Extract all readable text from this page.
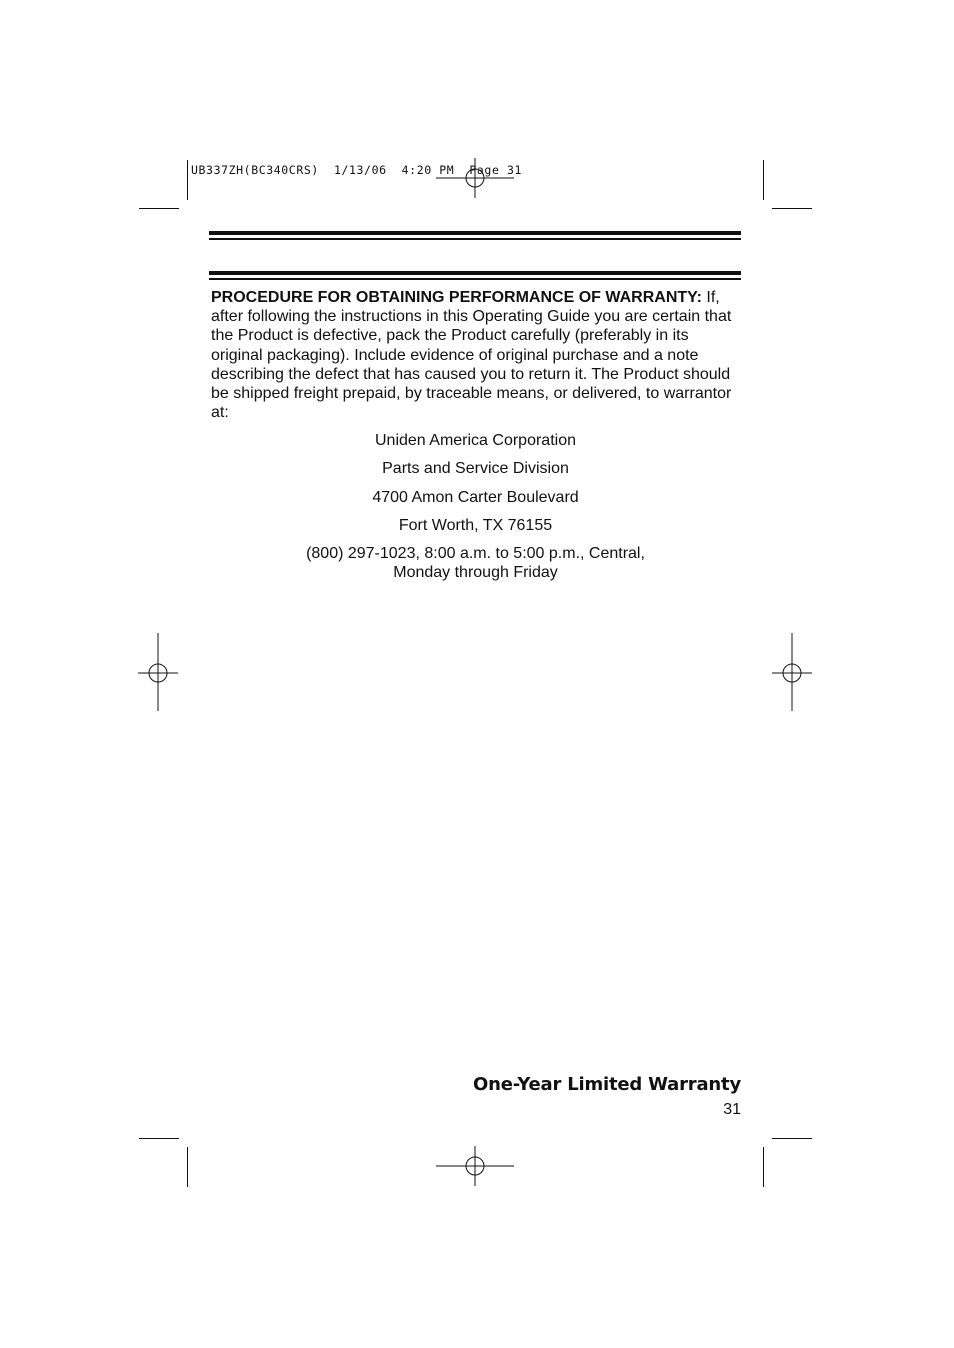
UB337ZH(BC340CRS)  1/13/06  4:20 PM  Page 31
PROCEDURE FOR OBTAINING PERFORMANCE OF WARRANTY: If,
after following the instructions in this Operating Guide you are certain that
the Product is defective, pack the Product carefully (preferably in its
original packaging). Include evidence of original purchase and a note
describing the defect that has caused you to return it. The Product should
be shipped freight prepaid, by traceable means, or delivered, to warrantor
at:
Uniden America Corporation
Parts and Service Division
4700 Amon Carter Boulevard
Fort Worth, TX 76155
(800) 297-1023, 8:00 a.m. to 5:00 p.m., Central,
Monday through Friday
One-Year Limited Warranty
31
